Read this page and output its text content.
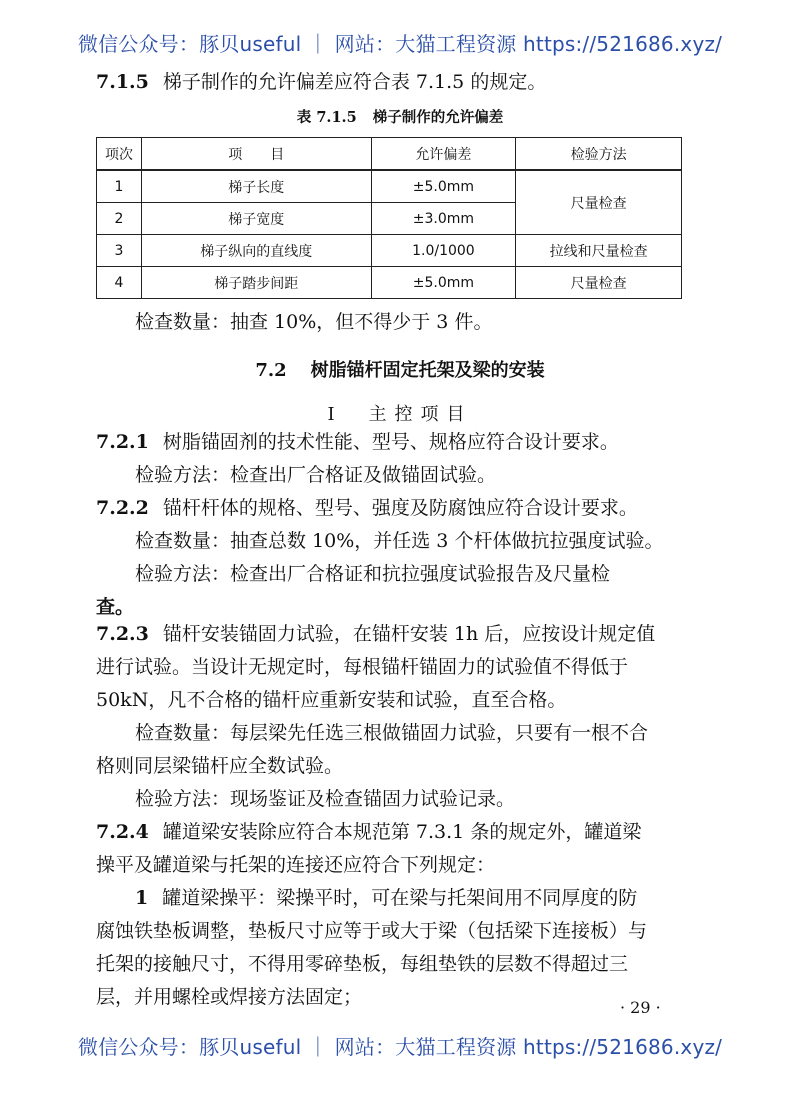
微信公众号：豚贝useful ｜ 网站：大猫工程资源 https://521686.xyz/
7.1.5 梯子制作的允许偏差应符合表 7.1.5 的规定。
表 7.1.5 梯子制作的允许偏差
项次	项　　目	允许偏差	检验方法
1	梯子长度	±5.0mm	尺量检查
2	梯子宽度	±3.0mm	
3	梯子纵向的直线度	1.0/1000	拉线和尺量检查
4	梯子踏步间距	±5.0mm	尺量检查
检查数量：抽查 10%，但不得少于 3 件。
7.2 树脂锚杆固定托架及梁的安装
Ⅰ　主控项目
7.2.1 树脂锚固剂的技术性能、型号、规格应符合设计要求。
检验方法：检查出厂合格证及做锚固试验。
7.2.2 锚杆杆体的规格、型号、强度及防腐蚀应符合设计要求。
检查数量：抽查总数 10%，并任选 3 个杆体做抗拉强度试验。
检验方法：检查出厂合格证和抗拉强度试验报告及尺量检
查。
7.2.3 锚杆安装锚固力试验，在锚杆安装 1h 后，应按设计规定值
进行试验。当设计无规定时，每根锚杆锚固力的试验值不得低于
50kN，凡不合格的锚杆应重新安装和试验，直至合格。
检查数量：每层梁先任选三根做锚固力试验，只要有一根不合
格则同层梁锚杆应全数试验。
检验方法：现场鉴证及检查锚固力试验记录。
7.2.4 罐道梁安装除应符合本规范第 7.3.1 条的规定外，罐道梁
操平及罐道梁与托架的连接还应符合下列规定：
1 罐道梁操平：梁操平时，可在梁与托架间用不同厚度的防
腐蚀铁垫板调整，垫板尺寸应等于或大于梁（包括梁下连接板）与
托架的接触尺寸，不得用零碎垫板，每组垫铁的层数不得超过三
层，并用螺栓或焊接方法固定；	· 29 ·
微信公众号：豚贝useful ｜ 网站：大猫工程资源 https://521686.xyz/
